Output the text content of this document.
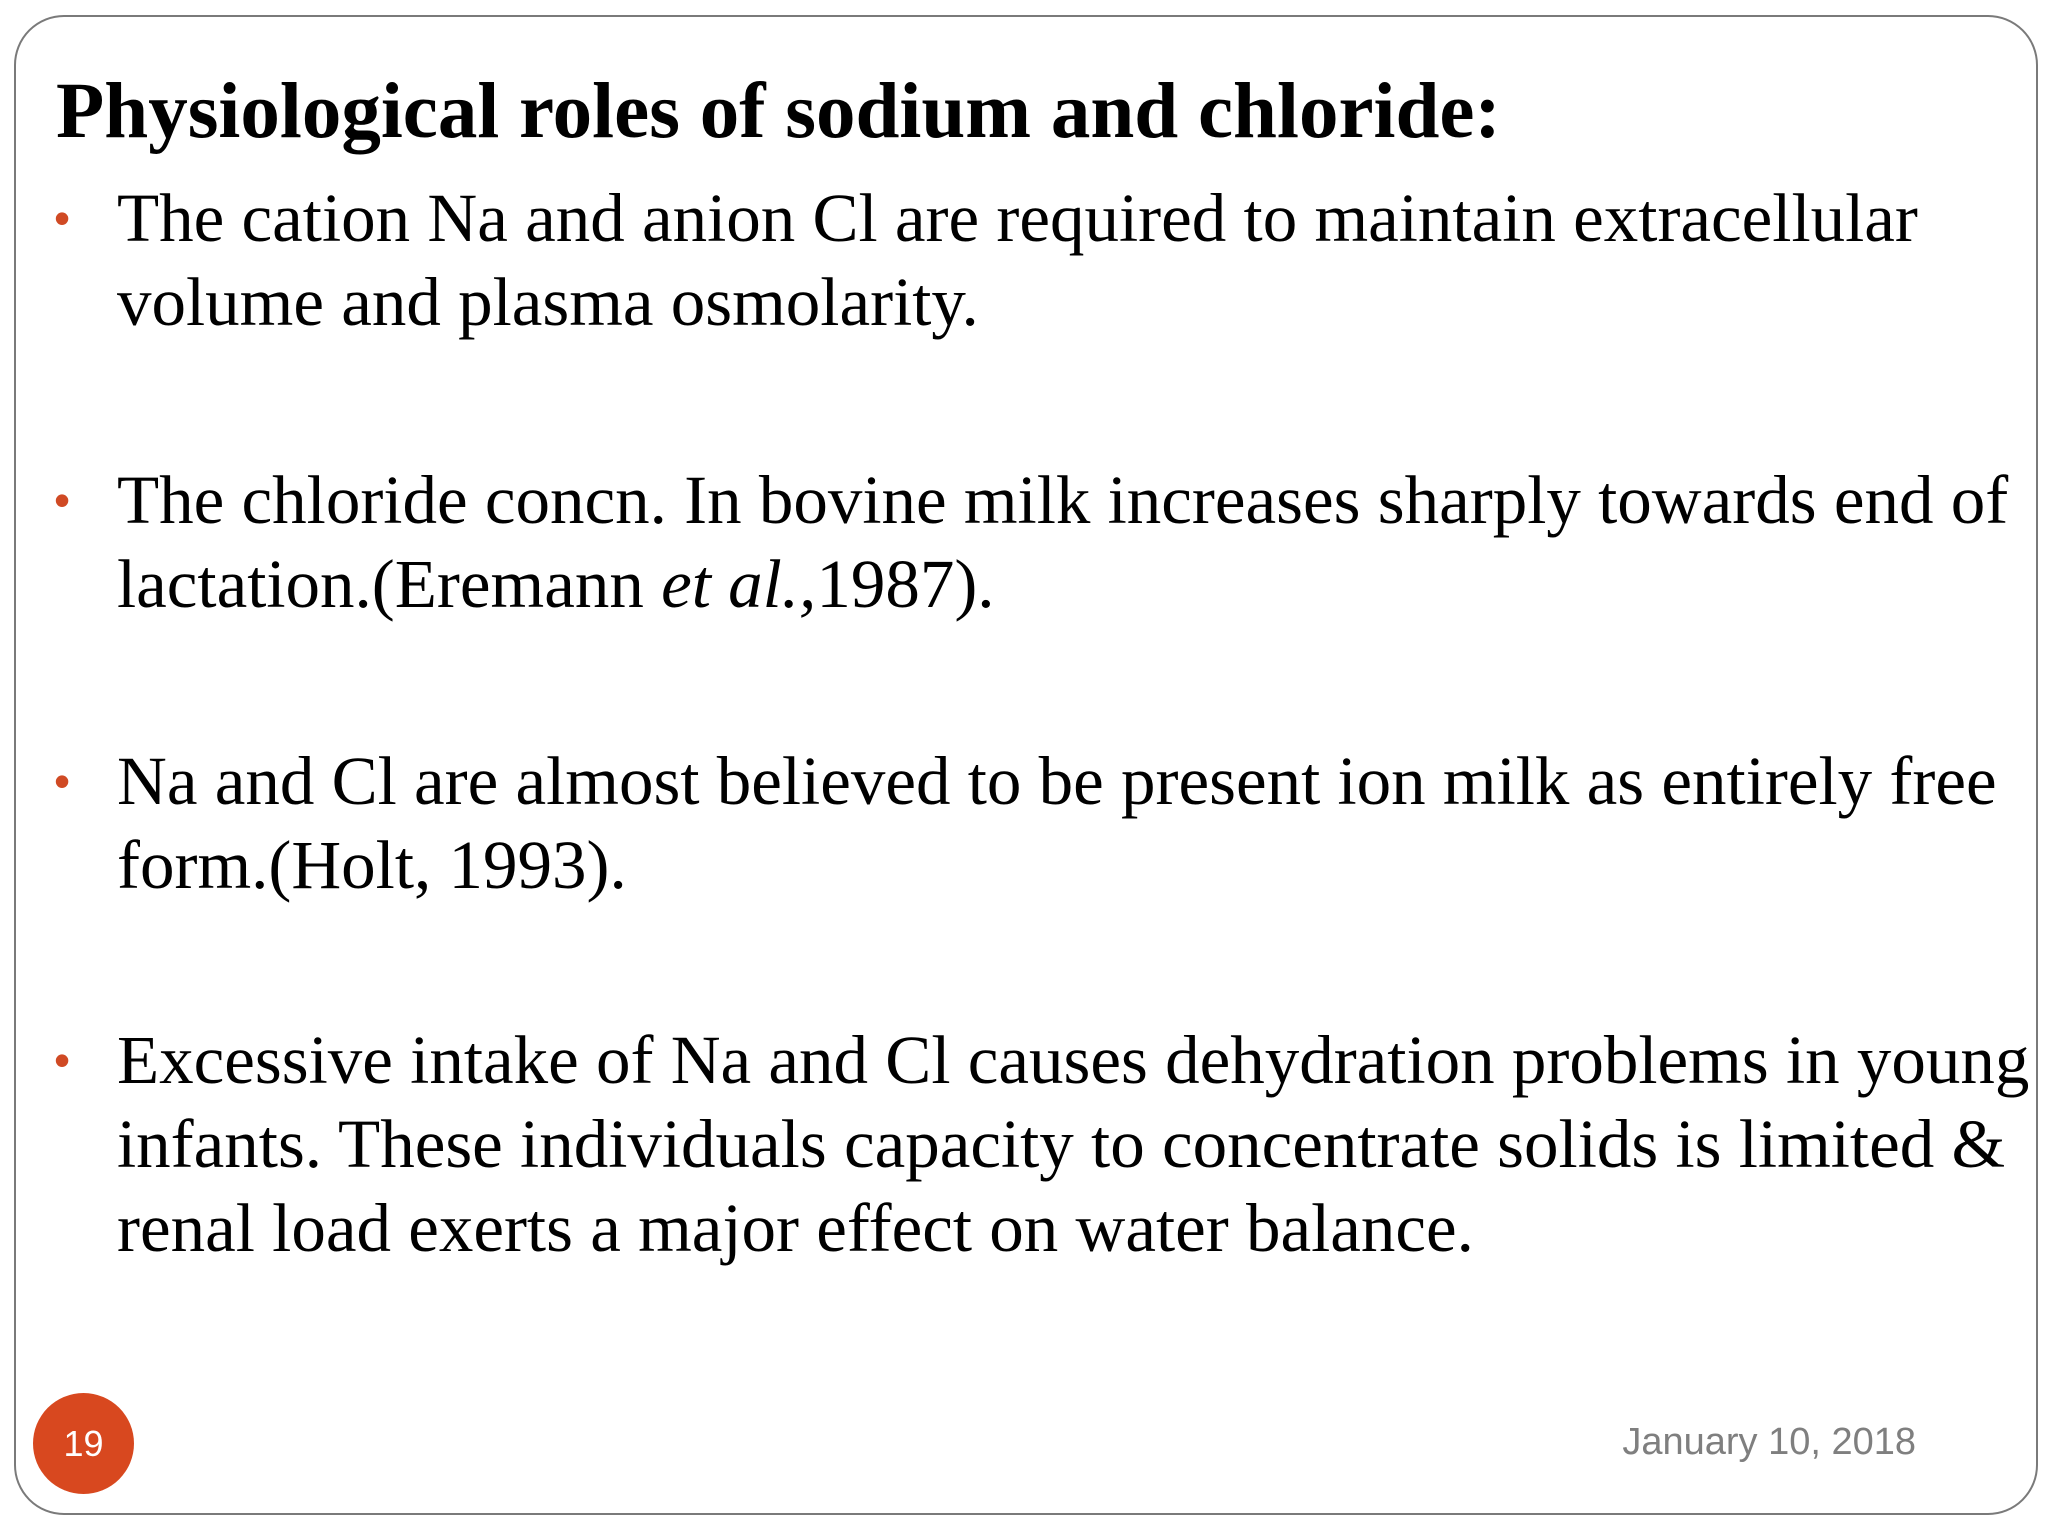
Physiological roles of sodium and chloride:
• The cation Na and anion Cl are required to maintain extracellular
volume and plasma osmolarity.
• The chloride concn. In bovine milk increases sharply towards end of
lactation.(Eremann et al.,1987).
• Na and Cl are almost believed to be present ion milk as entirely free
form.(Holt, 1993).
• Excessive intake of Na and Cl causes dehydration problems in young
infants. These individuals capacity to concentrate solids is limited &
renal load exerts a major effect on water balance.
19	January 10, 2018
